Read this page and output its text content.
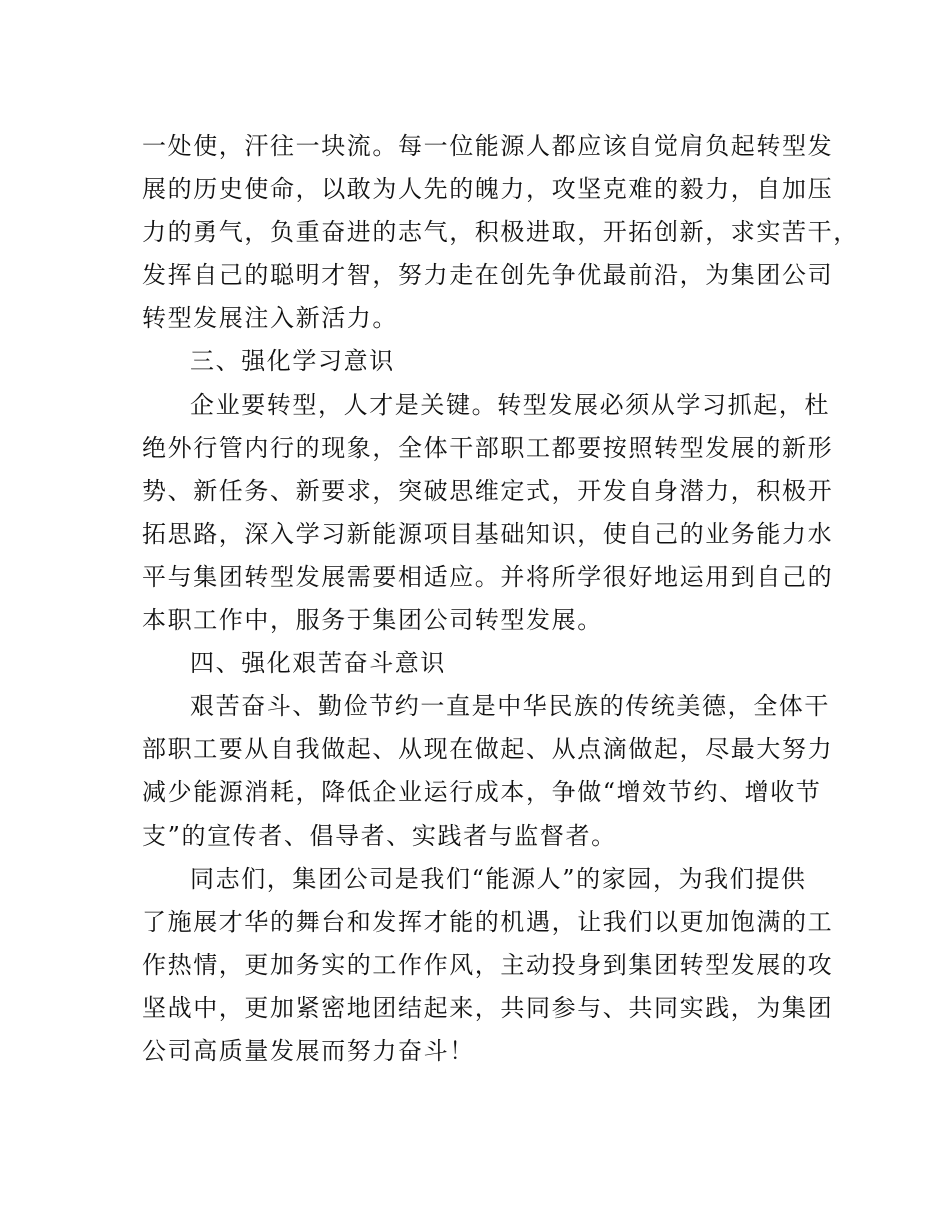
一处使，汗往一块流。每一位能源人都应该自觉肩负起转型发
展的历史使命，以敢为人先的魄力，攻坚克难的毅力，自加压
力的勇气，负重奋进的志气，积极进取，开拓创新，求实苦干，
发挥自己的聪明才智，努力走在创先争优最前沿，为集团公司
转型发展注入新活力。
三、强化学习意识
企业要转型，人才是关键。转型发展必须从学习抓起，杜
绝外行管内行的现象，全体干部职工都要按照转型发展的新形
势、新任务、新要求，突破思维定式，开发自身潜力，积极开
拓思路，深入学习新能源项目基础知识，使自己的业务能力水
平与集团转型发展需要相适应。并将所学很好地运用到自己的
本职工作中，服务于集团公司转型发展。
四、强化艰苦奋斗意识
艰苦奋斗、勤俭节约一直是中华民族的传统美德，全体干
部职工要从自我做起、从现在做起、从点滴做起，尽最大努力
减少能源消耗，降低企业运行成本，争做“增效节约、增收节
支”的宣传者、倡导者、实践者与监督者。
同志们，集团公司是我们“能源人”的家园，为我们提供
了施展才华的舞台和发挥才能的机遇，让我们以更加饱满的工
作热情，更加务实的工作作风，主动投身到集团转型发展的攻
坚战中，更加紧密地团结起来，共同参与、共同实践，为集团
公司高质量发展而努力奋斗！
